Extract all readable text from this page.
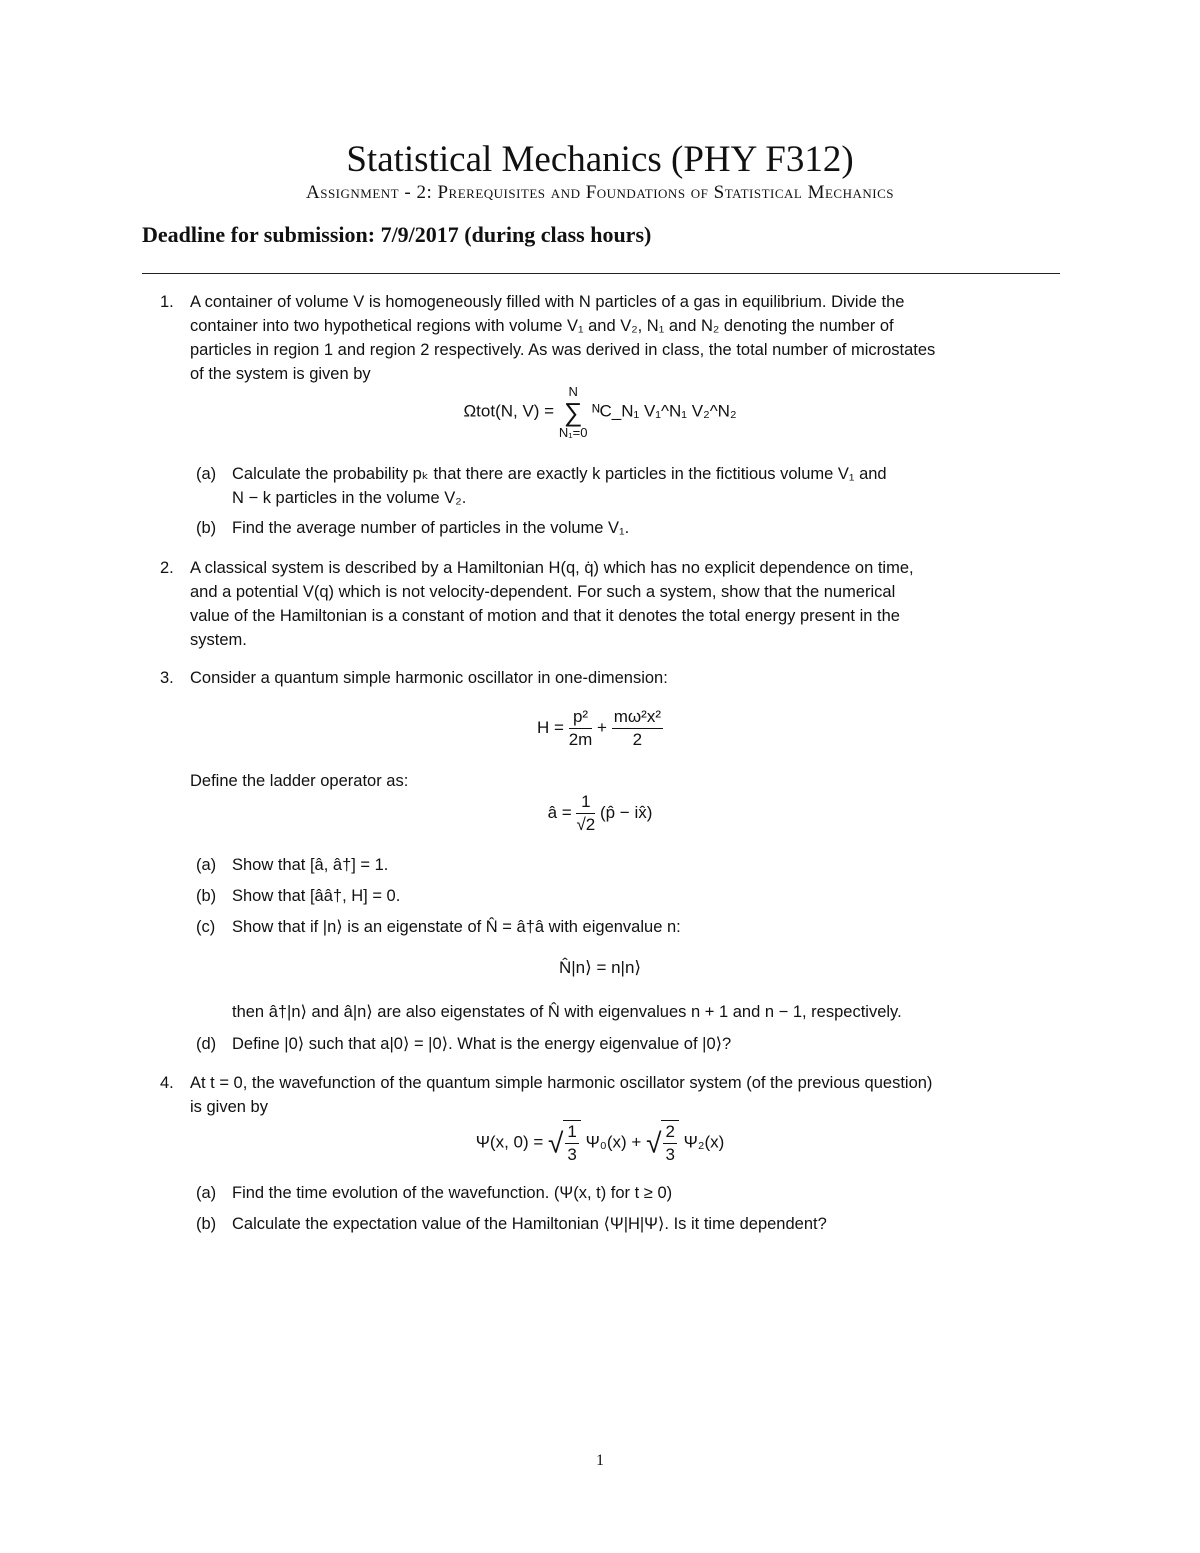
Statistical Mechanics (PHY F312)
Assignment - 2: Prerequisites and Foundations of Statistical Mechanics
Deadline for submission: 7/9/2017 (during class hours)
1. A container of volume V is homogeneously filled with N particles of a gas in equilibrium. Divide the
container into two hypothetical regions with volume V₁ and V₂, N₁ and N₂ denoting the number of
particles in region 1 and region 2 respectively. As was derived in class, the total number of microstates
of the system is given by
Ωtot(N, V) =
N
∑
N₁=0
ᴺC_N₁ V₁^N₁ V₂^N₂
(a) Calculate the probability pₖ that there are exactly k particles in the fictitious volume V₁ and
N − k particles in the volume V₂.
(b) Find the average number of particles in the volume V₁.
2. A classical system is described by a Hamiltonian H(q, q̇) which has no explicit dependence on time,
and a potential V(q) which is not velocity-dependent. For such a system, show that the numerical
value of the Hamiltonian is a constant of motion and that it denotes the total energy present in the
system.
3. Consider a quantum simple harmonic oscillator in one-dimension:
$H = \frac{\text{p²}}{2m} + \frac{\text{mω²x²}}{2}$
Define the ladder operator as:
â = $\frac{1}{√2}$ (p̂ − ix̂)
(a) Show that [â, â†] = 1.
(b) Show that [ââ†, H] = 0.
(c) Show that if |n⟩ is an eigenstate of N̂ = â†â with eigenvalue n:
N̂|n⟩ = n|n⟩
then â†|n⟩ and â|n⟩ are also eigenstates of N̂ with eigenvalues n + 1 and n − 1, respectively.
(d) Define |0⟩ such that a|0⟩ = |0⟩. What is the energy eigenvalue of |0⟩?
4. At t = 0, the wavefunction of the quantum simple harmonic oscillator system (of the previous question)
is given by
Ψ(x, 0) = √ $\frac{1}{3} \Psi_0(x)$ + √ $\frac{2}{3} \Psi_2(x)$
(a) Find the time evolution of the wavefunction. (Ψ(x, t) for t ≥ 0)
(b) Calculate the expectation value of the Hamiltonian ⟨Ψ|H|Ψ⟩. Is it time dependent?
1
